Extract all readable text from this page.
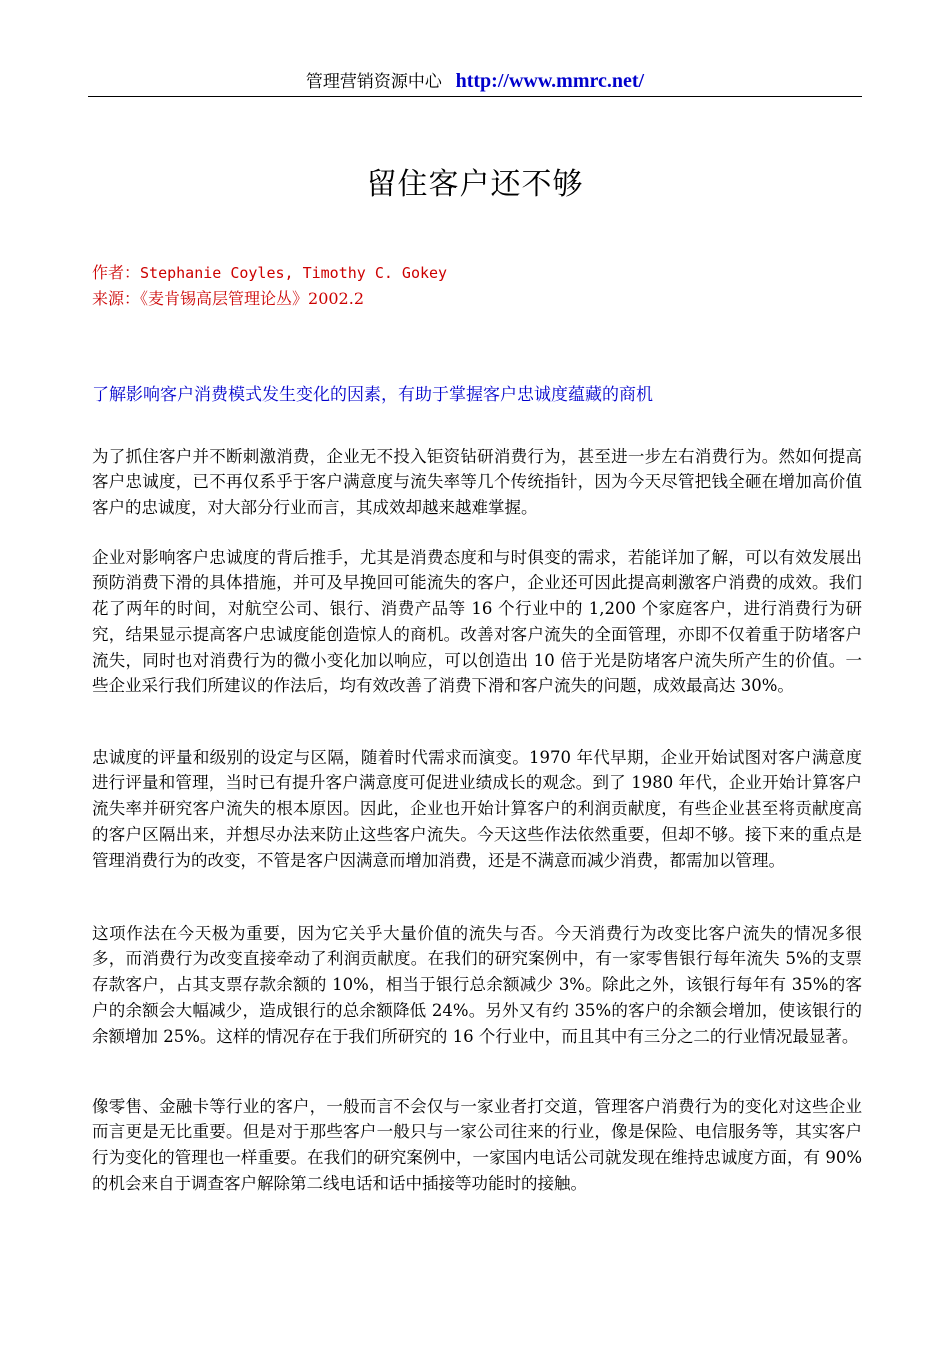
管理营销资源中心 http://www.mmrc.net/
留住客户还不够
作者：Stephanie Coyles, Timothy C. Gokey
来源：《麦肯锡高层管理论丛》2002.2
了解影响客户消费模式发生变化的因素，有助于掌握客户忠诚度蕴藏的商机

为了抓住客户并不断刺激消费，企业无不投入钜资钻研消费行为，甚至进一步左右消费行为。然如何提高客户忠诚度，已不再仅系乎于客户满意度与流失率等几个传统指针，因为今天尽管把钱全砸在增加高价值客户的忠诚度，对大部分行业而言，其成效却越来越难掌握。

企业对影响客户忠诚度的背后推手，尤其是消费态度和与时俱变的需求，若能详加了解，可以有效发展出预防消费下滑的具体措施，并可及早挽回可能流失的客户，企业还可因此提高刺激客户消费的成效。我们花了两年的时间，对航空公司、银行、消费产品等 16 个行业中的 1,200 个家庭客户，进行消费行为研究，结果显示提高客户忠诚度能创造惊人的商机。改善对客户流失的全面管理，亦即不仅着重于防堵客户流失，同时也对消费行为的微小变化加以响应，可以创造出 10 倍于光是防堵客户流失所产生的价值。一些企业采行我们所建议的作法后，均有效改善了消费下滑和客户流失的问题，成效最高达 30%。

忠诚度的评量和级别的设定与区隔，随着时代需求而演变。1970 年代早期，企业开始试图对客户满意度进行评量和管理，当时已有提升客户满意度可促进业绩成长的观念。到了 1980 年代，企业开始计算客户流失率并研究客户流失的根本原因。因此，企业也开始计算客户的利润贡献度，有些企业甚至将贡献度高的客户区隔出来，并想尽办法来防止这些客户流失。今天这些作法依然重要，但却不够。接下来的重点是管理消费行为的改变，不管是客户因满意而增加消费，还是不满意而减少消费，都需加以管理。

这项作法在今天极为重要，因为它关乎大量价值的流失与否。今天消费行为改变比客户流失的情况多很多，而消费行为改变直接牵动了利润贡献度。在我们的研究案例中，有一家零售银行每年流失 5%的支票存款客户，占其支票存款余额的 10%，相当于银行总余额减少 3%。除此之外，该银行每年有 35%的客户的余额会大幅减少，造成银行的总余额降低 24%。另外又有约 35%的客户的余额会增加，使该银行的余额增加 25%。这样的情况存在于我们所研究的 16 个行业中，而且其中有三分之二的行业情况最显著。

像零售、金融卡等行业的客户，一般而言不会仅与一家业者打交道，管理客户消费行为的变化对这些企业而言更是无比重要。但是对于那些客户一般只与一家公司往来的行业，像是保险、电信服务等，其实客户行为变化的管理也一样重要。在我们的研究案例中，一家国内电话公司就发现在维持忠诚度方面，有 90%的机会来自于调查客户解除第二线电话和话中插接等功能时的接触。
